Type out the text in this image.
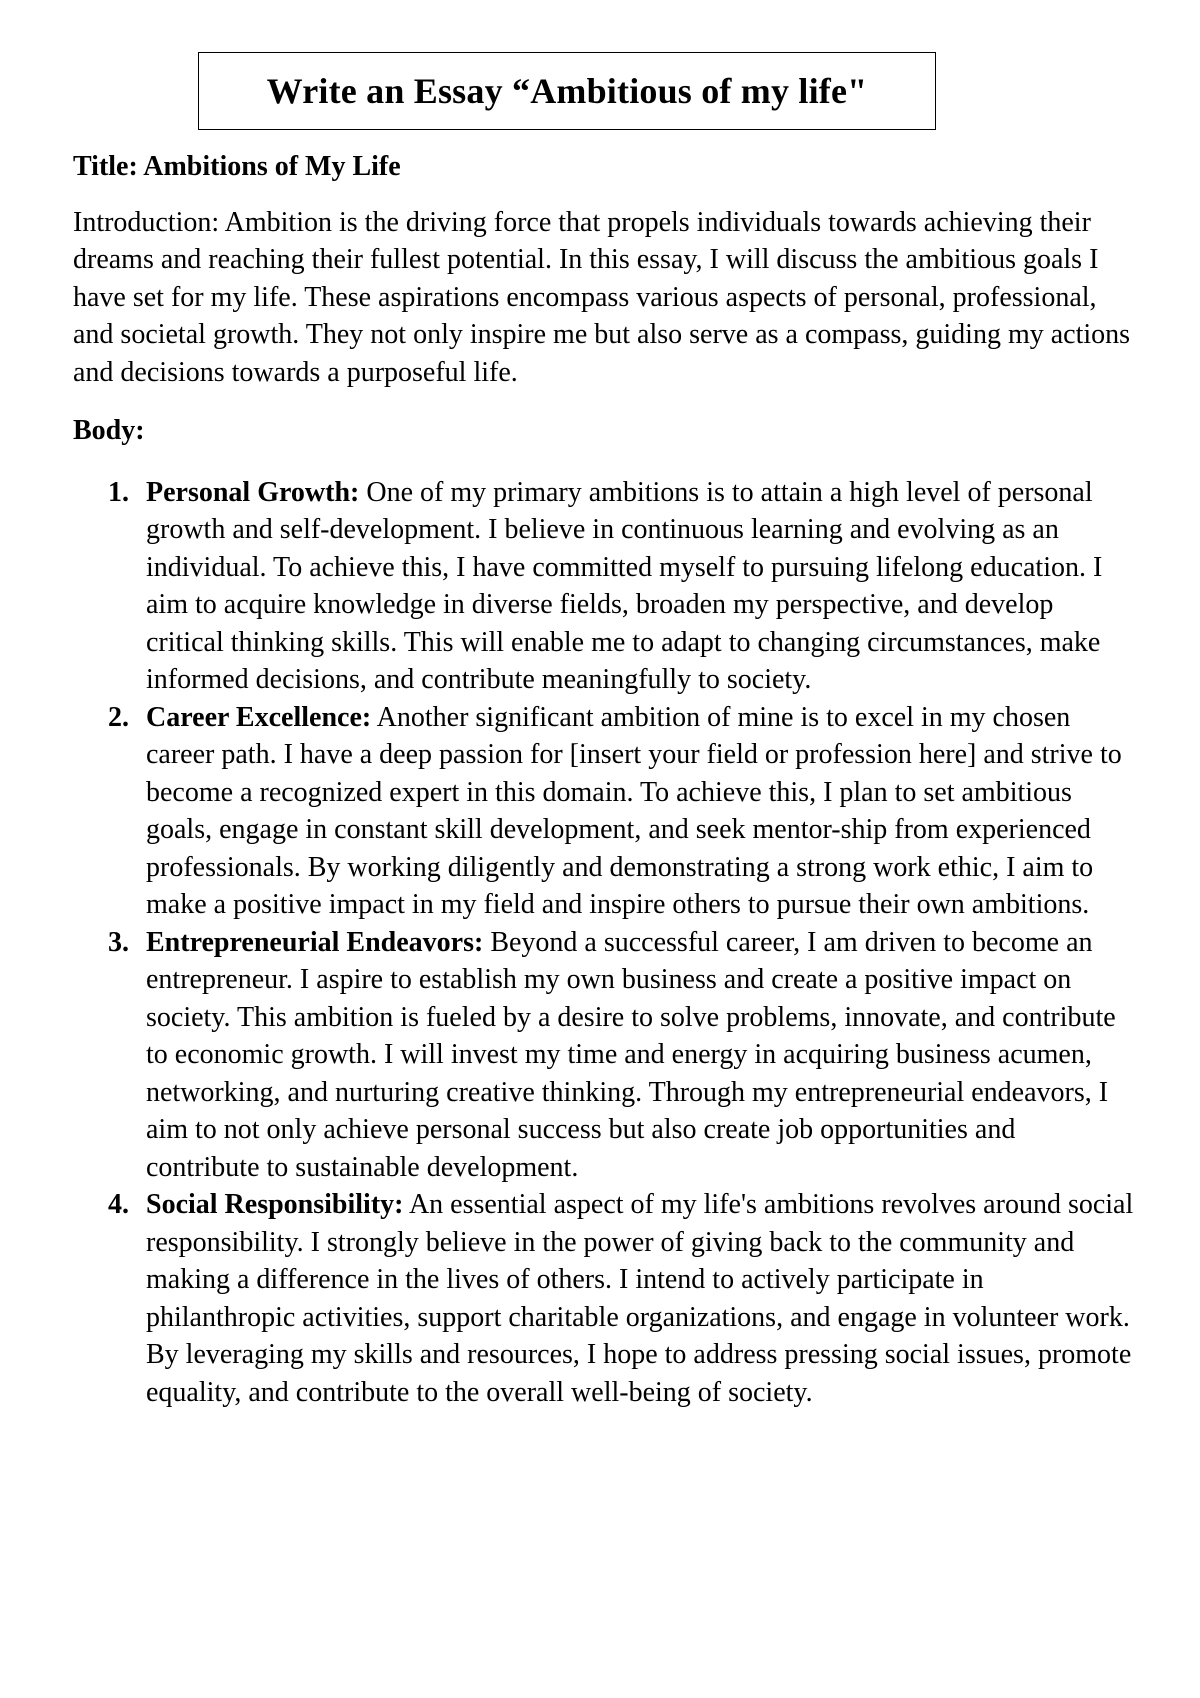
Write an Essay “Ambitious of my life"

Title: Ambitions of My Life

Introduction: Ambition is the driving force that propels individuals towards achieving their dreams and reaching their fullest potential. In this essay, I will discuss the ambitious goals I have set for my life. These aspirations encompass various aspects of personal, professional, and societal growth. They not only inspire me but also serve as a compass, guiding my actions and decisions towards a purposeful life.

Body:

1. Personal Growth: One of my primary ambitions is to attain a high level of personal growth and self-development. I believe in continuous learning and evolving as an individual. To achieve this, I have committed myself to pursuing lifelong education. I aim to acquire knowledge in diverse fields, broaden my perspective, and develop critical thinking skills. This will enable me to adapt to changing circumstances, make informed decisions, and contribute meaningfully to society.
2. Career Excellence: Another significant ambition of mine is to excel in my chosen career path. I have a deep passion for [insert your field or profession here] and strive to become a recognized expert in this domain. To achieve this, I plan to set ambitious goals, engage in constant skill development, and seek mentor-ship from experienced professionals. By working diligently and demonstrating a strong work ethic, I aim to make a positive impact in my field and inspire others to pursue their own ambitions.
3. Entrepreneurial Endeavors: Beyond a successful career, I am driven to become an entrepreneur. I aspire to establish my own business and create a positive impact on society. This ambition is fueled by a desire to solve problems, innovate, and contribute to economic growth. I will invest my time and energy in acquiring business acumen, networking, and nurturing creative thinking. Through my entrepreneurial endeavors, I aim to not only achieve personal success but also create job opportunities and contribute to sustainable development.
4. Social Responsibility: An essential aspect of my life's ambitions revolves around social responsibility. I strongly believe in the power of giving back to the community and making a difference in the lives of others. I intend to actively participate in philanthropic activities, support charitable organizations, and engage in volunteer work. By leveraging my skills and resources, I hope to address pressing social issues, promote equality, and contribute to the overall well-being of society.
